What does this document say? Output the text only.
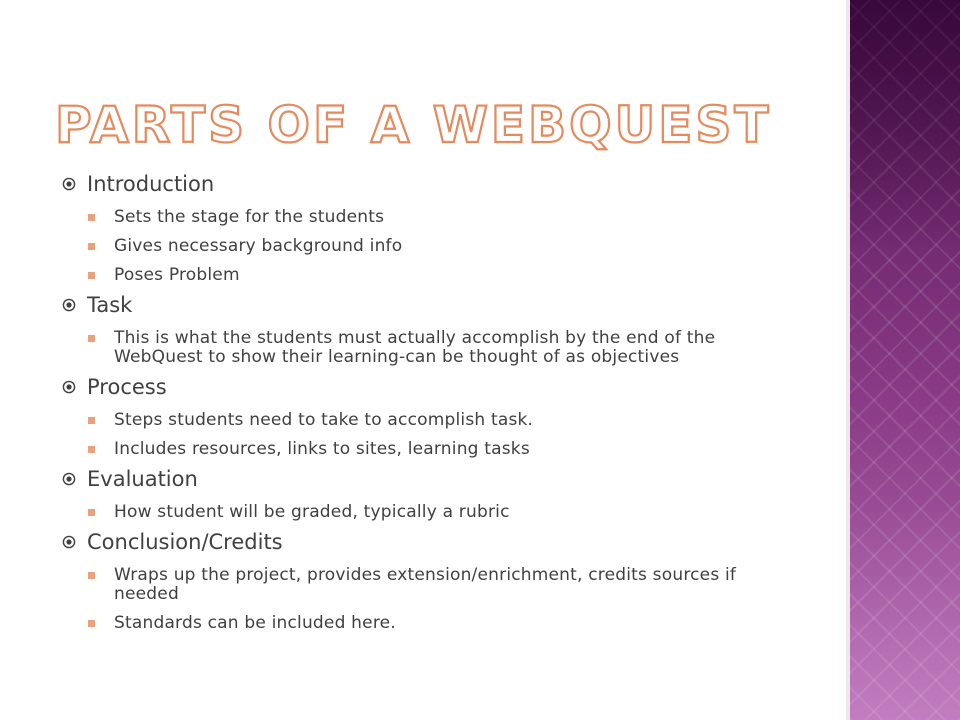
PARTS OF A WEBQUEST
Introduction
Sets the stage for the students
Gives necessary background info
Poses Problem
Task
This is what the students must actually accomplish by the end of the WebQuest to show their learning-can be thought of as objectives
Process
Steps students need to take to accomplish task.
Includes resources, links to sites, learning tasks
Evaluation
How student will be graded, typically a rubric
Conclusion/Credits
Wraps up the project, provides extension/enrichment, credits sources if needed
Standards can be included here.
